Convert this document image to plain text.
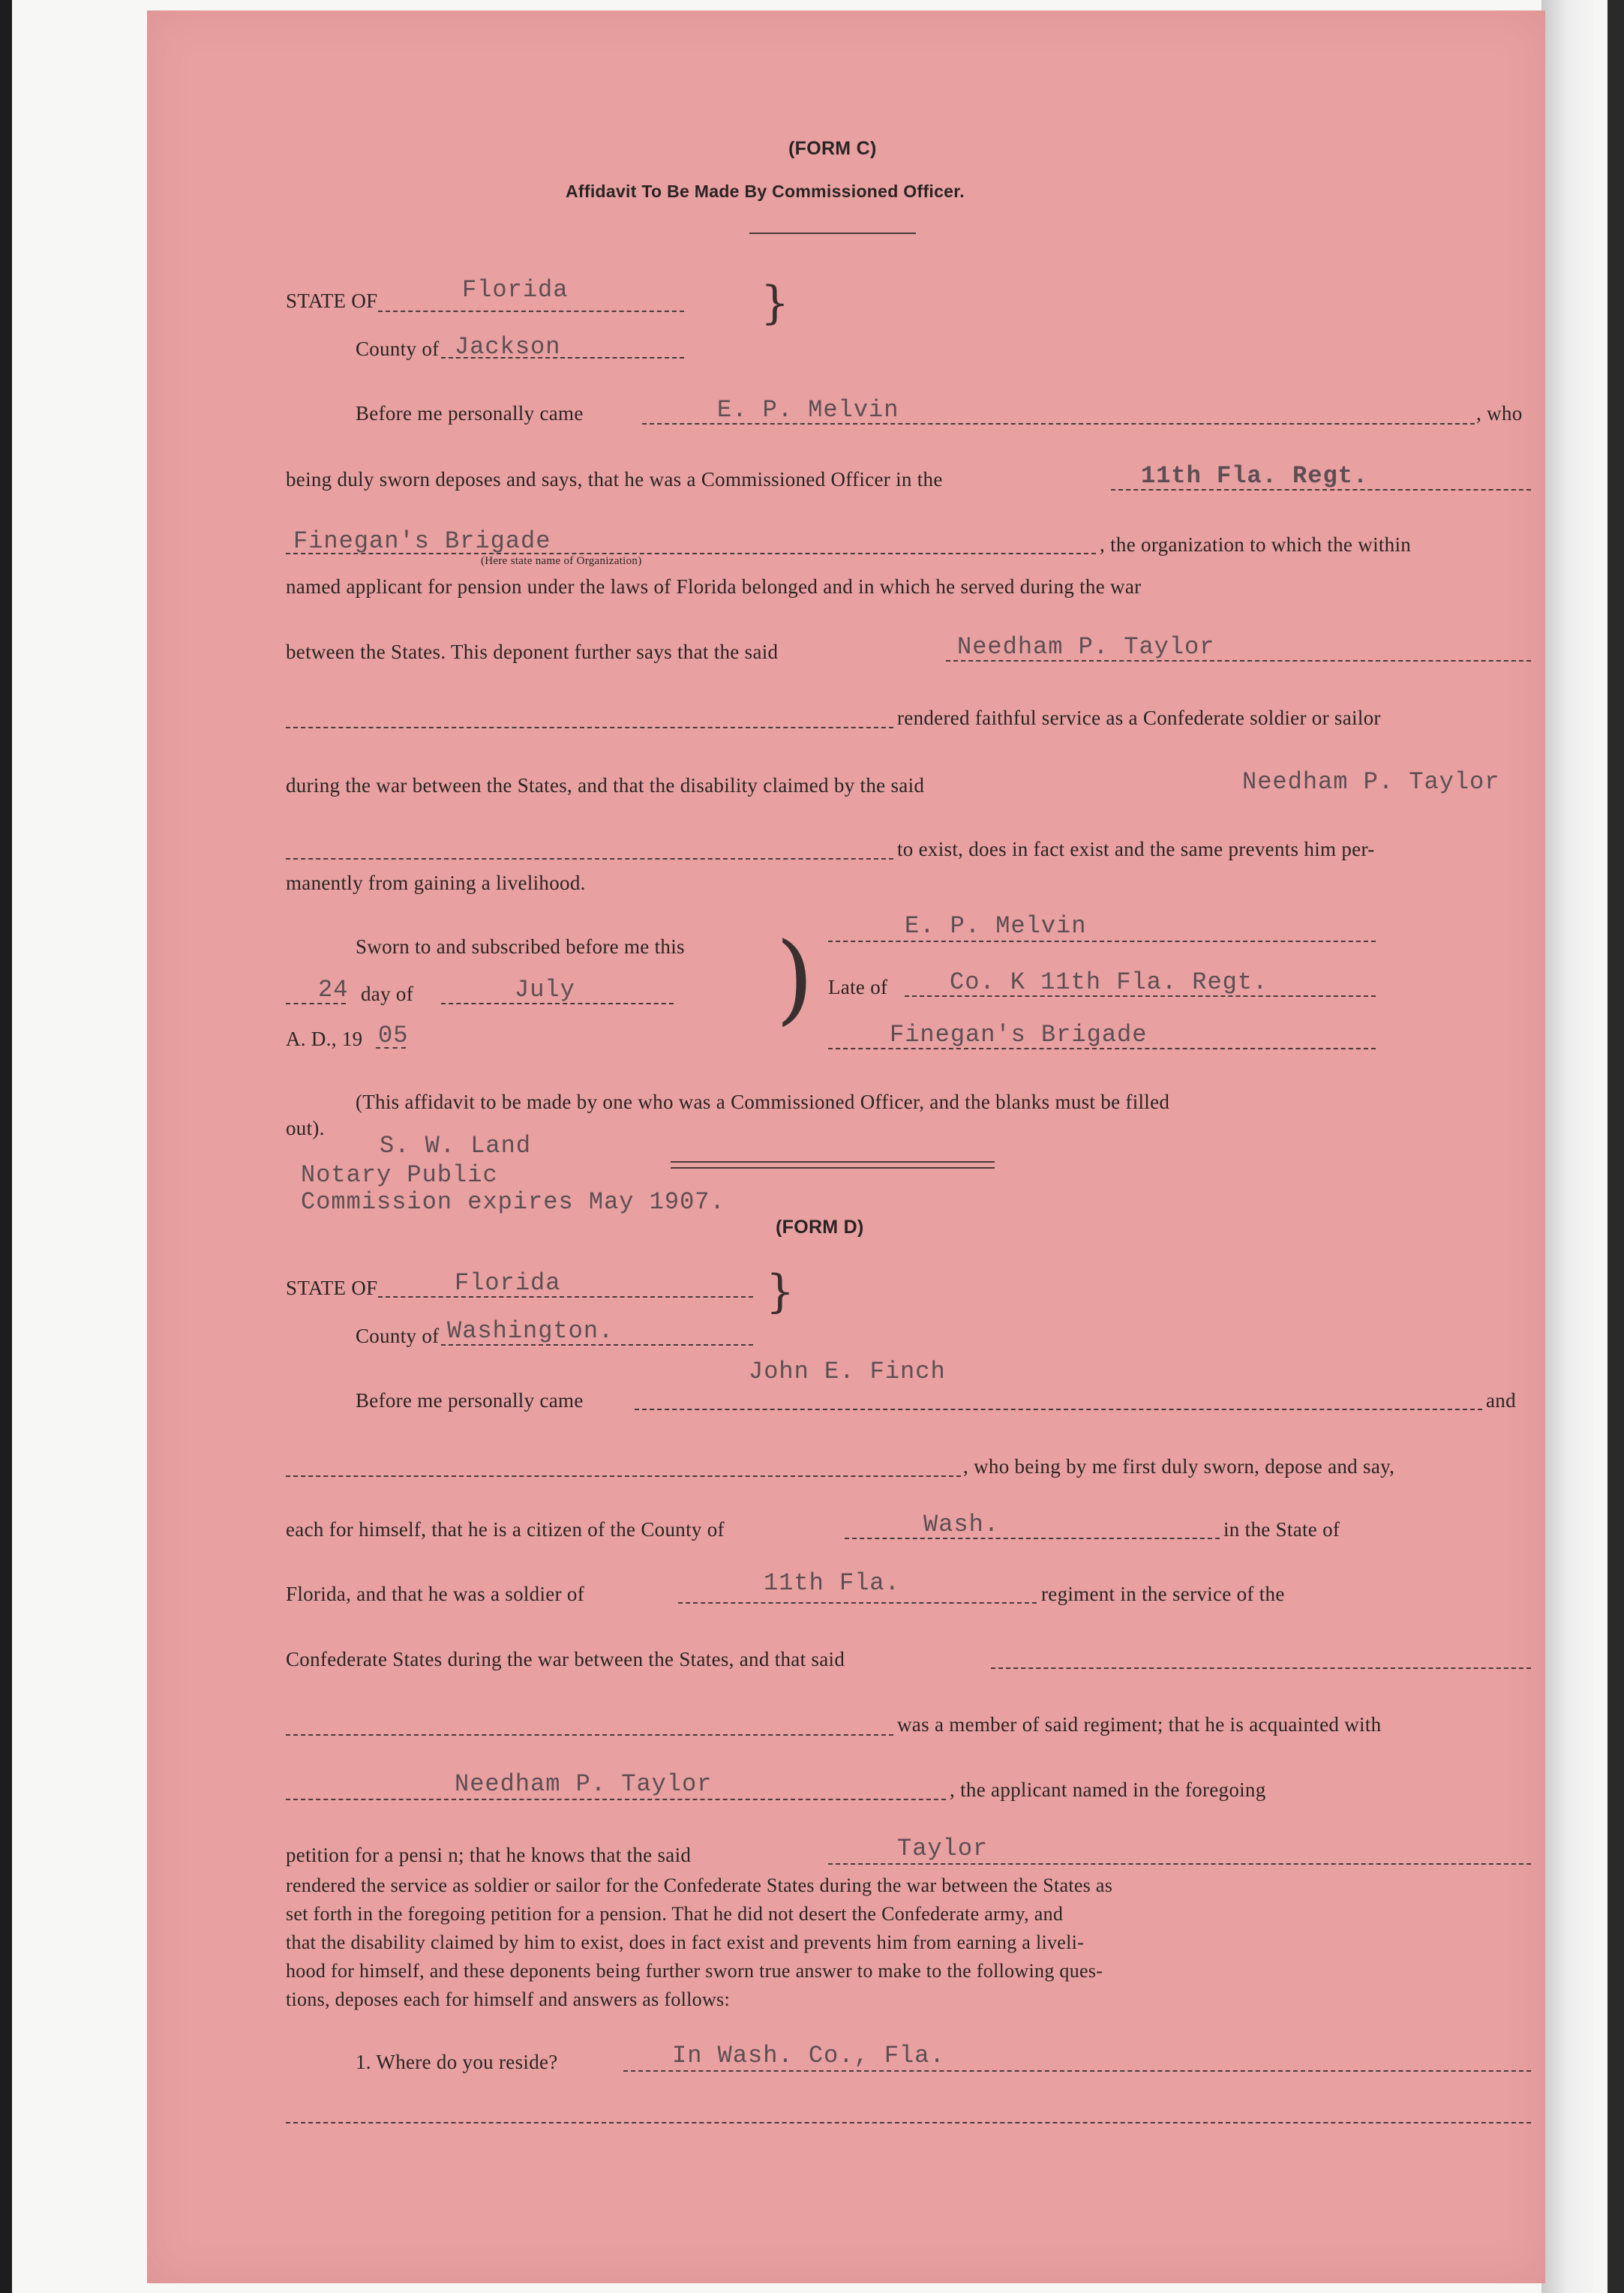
(FORM C)
Affidavit To Be Made By Commissioned Officer.
STATE OF	Florida	}
County of Jackson
Before me personally came	E. P. Melvin	, who
being duly sworn deposes and says, that he was a Commissioned Officer in the	11th Fla. Regt.
Finegan's Brigade	, the organization to which the within
(Here state name of Organization)
named applicant for pension under the laws of Florida belonged and in which he served during the war
between the States. This deponent further says that the said	Needham P. Taylor
rendered faithful service as a Confederate soldier or sailor
during the war between the States, and that the disability claimed by the said	Needham P. Taylor
to exist, does in fact exist and the same prevents him per-
manently from gaining a livelihood.
Sworn to and subscribed before me this
24 day of	July
A. D., 19 05
)	E. P. Melvin
Late of	Co. K 11th Fla. Regt.
Finegan's Brigade
(This affidavit to be made by one who was a Commissioned Officer, and the blanks must be filled
out).
S. W. Land
Notary Public
Commission expires May 1907.
(FORM D)
STATE OF	Florida	}
County of Washington.
John E. Finch
Before me personally came	and
, who being by me first duly sworn, depose and say,
each for himself, that he is a citizen of the County of	Wash.	in the State of
Florida, and that he was a soldier of	11th Fla.	regiment in the service of the
Confederate States during the war between the States, and that said
was a member of said regiment; that he is acquainted with
Needham P. Taylor	, the applicant named in the foregoing
petition for a pensi n; that he knows that the said	Taylor
rendered the service as soldier or sailor for the Confederate States during the war between the States as
set forth in the foregoing petition for a pension. That he did not desert the Confederate army, and
that the disability claimed by him to exist, does in fact exist and prevents him from earning a liveli-
hood for himself, and these deponents being further sworn true answer to make to the following ques-
tions, deposes each for himself and answers as follows:
1. Where do you reside?	In Wash. Co., Fla.
